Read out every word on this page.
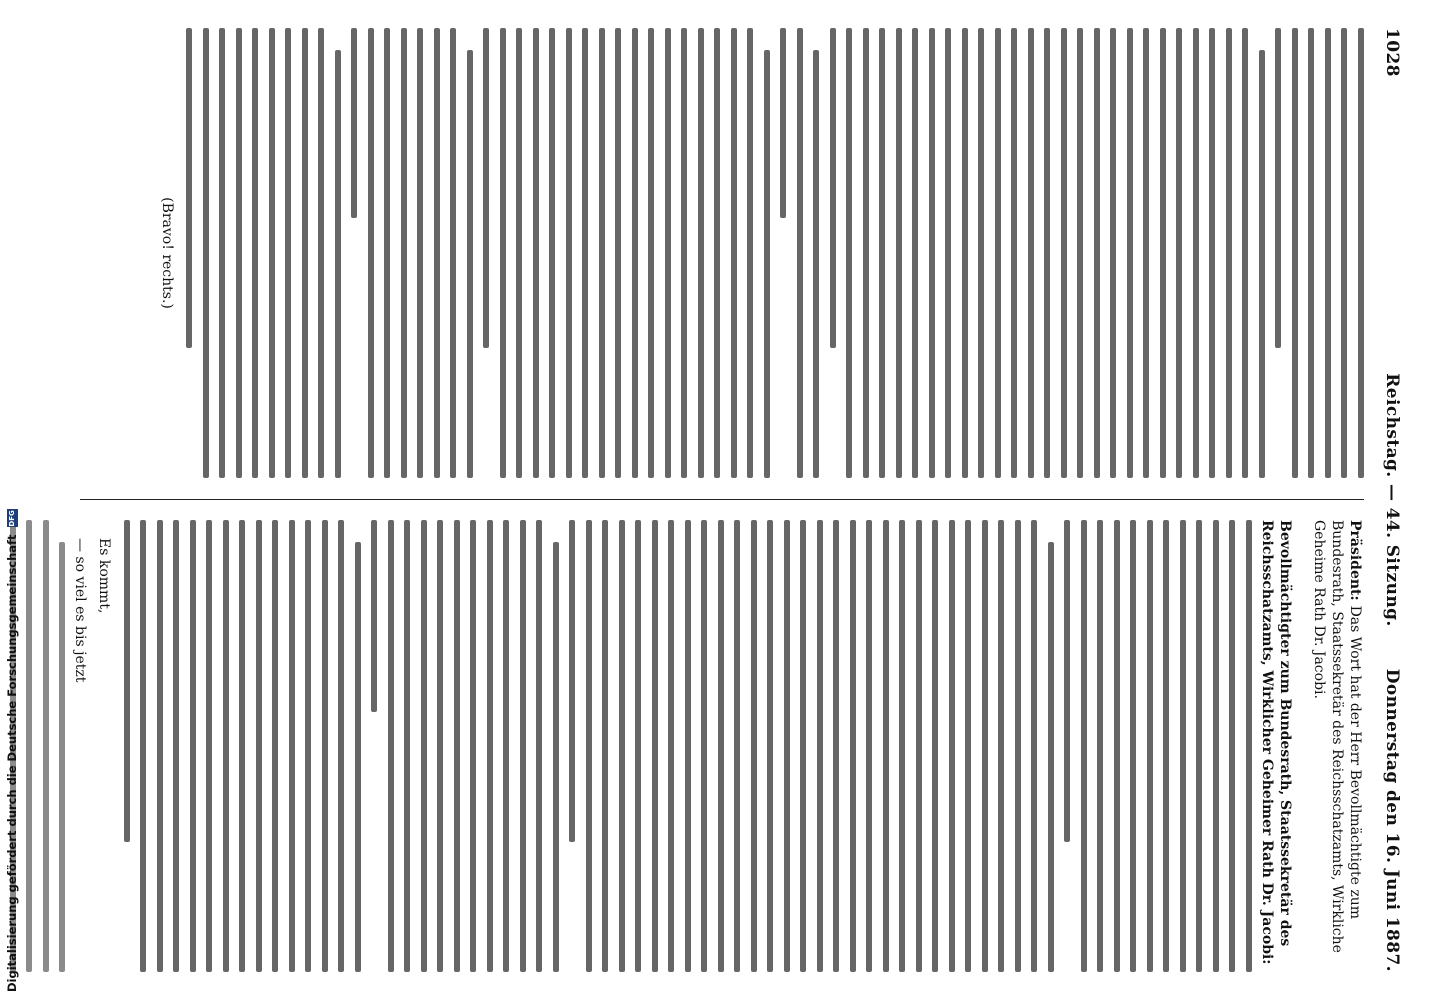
1028
Reichstag. — 44. Sitzung.
Donnerstag den 16. Juni 1887.
(Bravo! rechts.)
Präsident: Das Wort hat der Herr Bevollmächtigte zum Bundesrath, Staatssekretär des Reichsschatzamts, Wirkliche Geheime Rath Dr. Jacobi.
Bevollmächtigter zum Bundesrath, Staatssekretär des Reichsschatzamts, Wirklicher Geheimer Rath Dr. Jacobi:
Es kommt,
— so viel es bis jetzt
Digitalisierung gefördert durch die Deutsche Forschungsgemeinschaft DFG
